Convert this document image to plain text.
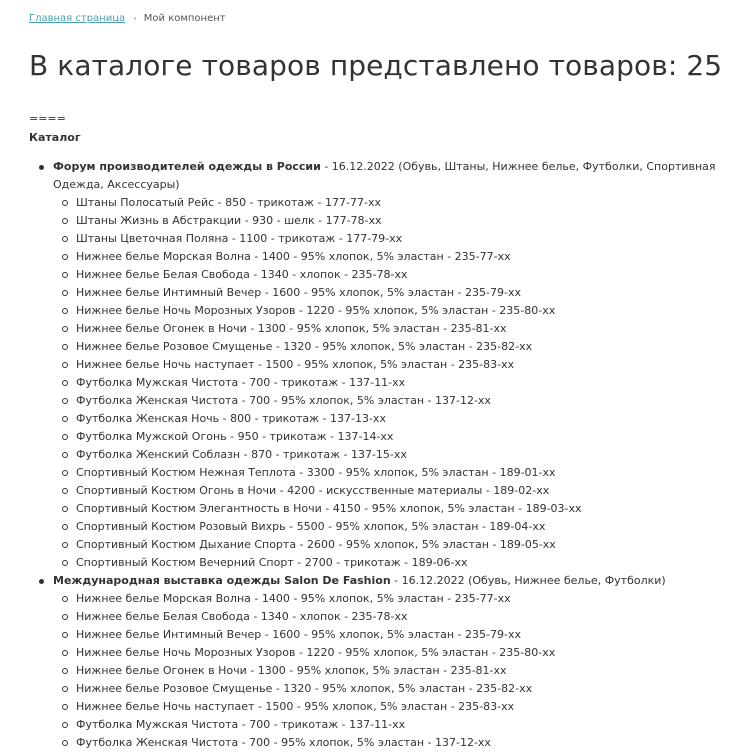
Главная страница › Мой компонент
В каталоге товаров представлено товаров: 25
====
Каталог
Форум производителей одежды в России - 16.12.2022 (Обувь, Штаны, Нижнее белье, Футболки, Спортивная Одежда, Аксессуары)
Штаны Полосатый Рейс - 850 - трикотаж - 177-77-xx
Штаны Жизнь в Абстракции - 930 - шелк - 177-78-xx
Штаны Цветочная Поляна - 1100 - трикотаж - 177-79-xx
Нижнее белье Морская Волна - 1400 - 95% хлопок, 5% эластан - 235-77-xx
Нижнее белье Белая Свобода - 1340 - хлопок - 235-78-xx
Нижнее белье Интимный Вечер - 1600 - 95% хлопок, 5% эластан - 235-79-xx
Нижнее белье Ночь Морозных Узоров - 1220 - 95% хлопок, 5% эластан - 235-80-xx
Нижнее белье Огонек в Ночи - 1300 - 95% хлопок, 5% эластан - 235-81-xx
Нижнее белье Розовое Смущенье - 1320 - 95% хлопок, 5% эластан - 235-82-xx
Нижнее белье Ночь наступает - 1500 - 95% хлопок, 5% эластан - 235-83-xx
Футболка Мужская Чистота - 700 - трикотаж - 137-11-xx
Футболка Женская Чистота - 700 - 95% хлопок, 5% эластан - 137-12-xx
Футболка Женская Ночь - 800 - трикотаж - 137-13-xx
Футболка Мужской Огонь - 950 - трикотаж - 137-14-xx
Футболка Женский Соблазн - 870 - трикотаж - 137-15-xx
Спортивный Костюм Нежная Теплота - 3300 - 95% хлопок, 5% эластан - 189-01-xx
Спортивный Костюм Огонь в Ночи - 4200 - искусственные материалы - 189-02-xx
Спортивный Костюм Элегантность в Ночи - 4150 - 95% хлопок, 5% эластан - 189-03-xx
Спортивный Костюм Розовый Вихрь - 5500 - 95% хлопок, 5% эластан - 189-04-xx
Спортивный Костюм Дыхание Спорта - 2600 - 95% хлопок, 5% эластан - 189-05-xx
Спортивный Костюм Вечерний Спорт - 2700 - трикотаж - 189-06-xx
Международная выставка одежды Salon De Fashion - 16.12.2022 (Обувь, Нижнее белье, Футболки)
Нижнее белье Морская Волна - 1400 - 95% хлопок, 5% эластан - 235-77-xx
Нижнее белье Белая Свобода - 1340 - хлопок - 235-78-xx
Нижнее белье Интимный Вечер - 1600 - 95% хлопок, 5% эластан - 235-79-xx
Нижнее белье Ночь Морозных Узоров - 1220 - 95% хлопок, 5% эластан - 235-80-xx
Нижнее белье Огонек в Ночи - 1300 - 95% хлопок, 5% эластан - 235-81-xx
Нижнее белье Розовое Смущенье - 1320 - 95% хлопок, 5% эластан - 235-82-xx
Нижнее белье Ночь наступает - 1500 - 95% хлопок, 5% эластан - 235-83-xx
Футболка Мужская Чистота - 700 - трикотаж - 137-11-xx
Футболка Женская Чистота - 700 - 95% хлопок, 5% эластан - 137-12-xx
